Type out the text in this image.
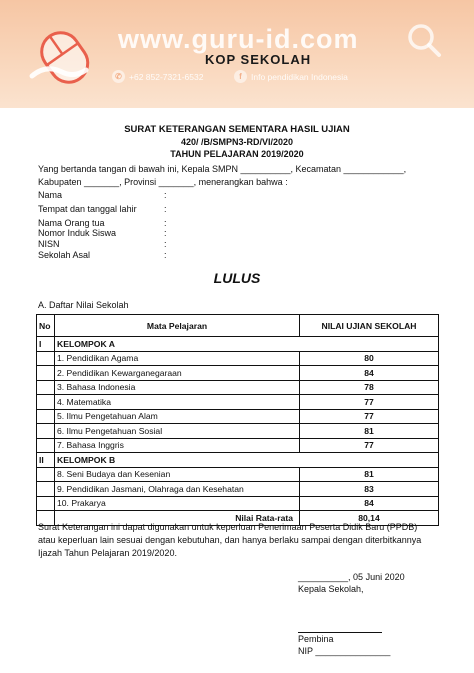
www.guru-id.com
KOP SEKOLAH
✆ +62 852-7321-6532	f	Info pendidikan Indonesia
SURAT KETERANGAN SEMENTARA HASIL UJIAN
420/ /B/SMPN3-RD/VI/2020
TAHUN PELAJARAN 2019/2020
Yang bertanda tangan di bawah ini, Kepala SMPN __________, Kecamatan ____________,
Kabupaten _______, Provinsi _______, menerangkan bahwa :
Nama	:
Tempat dan tanggal lahir	:
Nama Orang tua	:
Nomor Induk Siswa	:
NISN	:
Sekolah Asal	:
LULUS
A. Daftar Nilai Sekolah
No	Mata Pelajaran	NILAI UJIAN SEKOLAH
I	KELOMPOK A	
	1. Pendidikan Agama	80
	2. Pendidikan Kewarganegaraan	84
	3. Bahasa Indonesia	78
	4. Matematika	77
	5. Ilmu Pengetahuan Alam	77
	6. Ilmu Pengetahuan Sosial	81
	7. Bahasa Inggris	77
II	KELOMPOK B	
	8. Seni Budaya dan Kesenian	81
	9. Pendidikan Jasmani, Olahraga dan Kesehatan	83
	10. Prakarya	84
	Nilai Rata-rata	80,14
Surat Keterangan ini dapat digunakan untuk keperluan Penerimaan Peserta Didik Baru (PPDB)
atau keperluan lain sesuai dengan kebutuhan, dan hanya berlaku sampai dengan diterbitkannya
Ijazah Tahun Pelajaran 2019/2020.
__________, 05 Juni 2020
Kepala Sekolah,
Pembina
NIP _______________
